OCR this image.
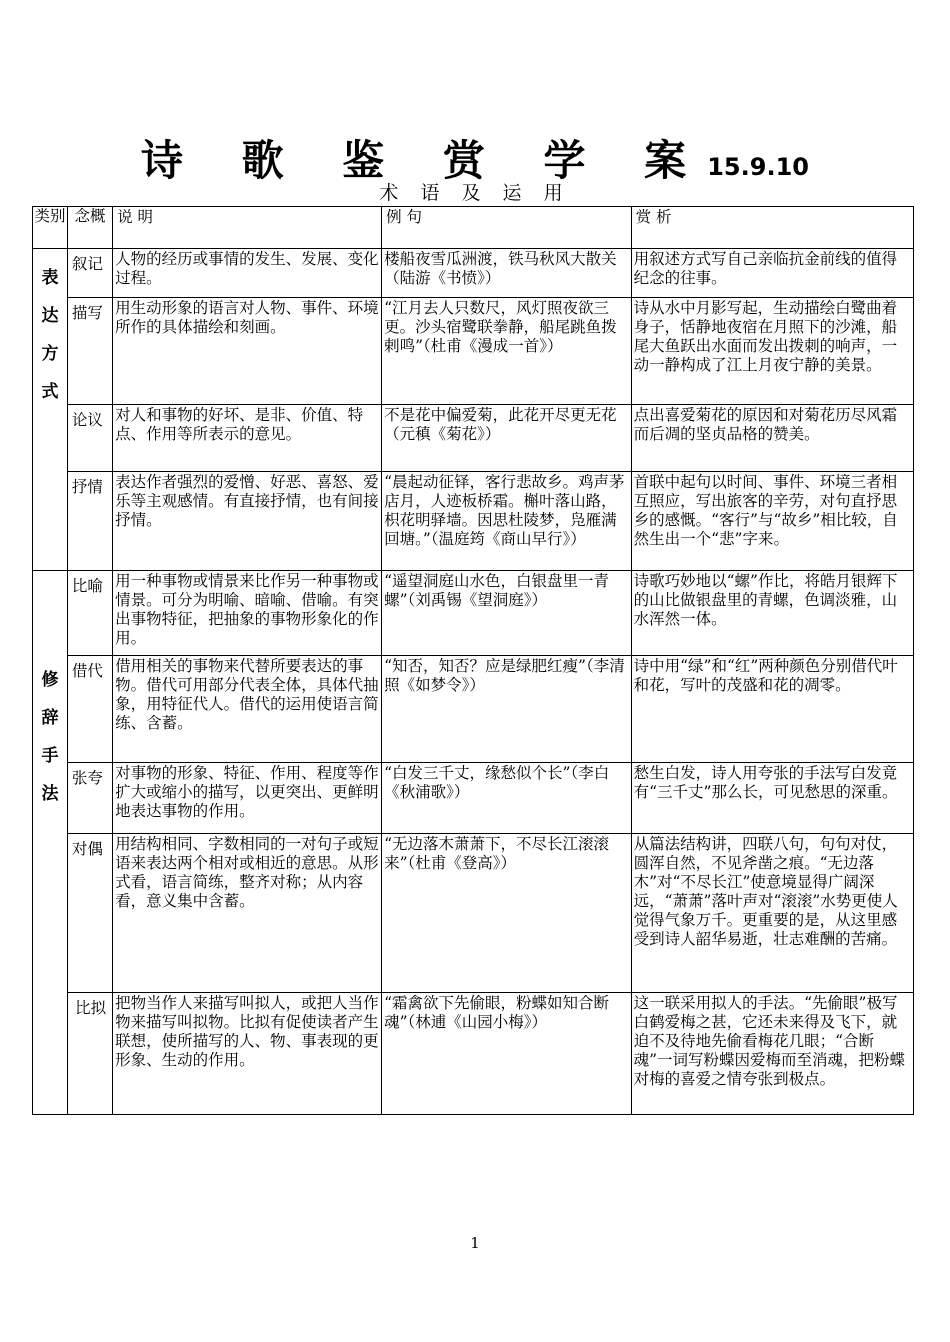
诗 歌 鉴 赏 学 案 15.9.10
术 语 及 运 用
类别	念概	说 明	例 句	赏 析

表
达
方
式	叙记	人物的经历或事情的发生、发展、变化过程。	楼船夜雪瓜洲渡，铁马秋风大散关（陆游《书愤》）	用叙述方式写自己亲临抗金前线的值得纪念的往事。
	描写	用生动形象的语言对人物、事件、环境所作的具体描绘和刻画。	“江月去人只数尺，风灯照夜欲三更。沙头宿鹭联拳静，船尾跳鱼拨剌鸣”（杜甫《漫成一首》）	诗从水中月影写起，生动描绘白鹭曲着身子，恬静地夜宿在月照下的沙滩，船尾大鱼跃出水面而发出拨刺的响声，一动一静构成了江上月夜宁静的美景。
	论议	对人和事物的好坏、是非、价值、特点、作用等所表示的意见。	不是花中偏爱菊，此花开尽更无花（元稹《菊花》）	点出喜爱菊花的原因和对菊花历尽风霜而后凋的坚贞品格的赞美。
	抒情	表达作者强烈的爱憎、好恶、喜怒、爱乐等主观感情。有直接抒情，也有间接抒情。	“晨起动征铎，客行悲故乡。鸡声茅店月，人迹板桥霜。槲叶落山路，枳花明驿墙。因思杜陵梦，凫雁满回塘。”（温庭筠《商山早行》）	首联中起句以时间、事件、环境三者相互照应，写出旅客的辛劳，对句直抒思乡的感慨。“客行”与“故乡”相比较，自然生出一个“悲”字来。

修
辞
手
法	比喻	用一种事物或情景来比作另一种事物或情景。可分为明喻、暗喻、借喻。有突出事物特征，把抽象的事物形象化的作用。	“遥望洞庭山水色，白银盘里一青螺”（刘禹锡《望洞庭》）	诗歌巧妙地以“螺”作比，将皓月银辉下的山比做银盘里的青螺，色调淡雅，山水浑然一体。
	借代	借用相关的事物来代替所要表达的事物。借代可用部分代表全体，具体代抽象，用特征代人。借代的运用使语言简练、含蓄。	“知否，知否？应是绿肥红瘦”（李清照《如梦令》）	诗中用“绿”和“红”两种颜色分别借代叶和花，写叶的茂盛和花的凋零。
	张夸	对事物的形象、特征、作用、程度等作扩大或缩小的描写，以更突出、更鲜明地表达事物的作用。	“白发三千丈，缘愁似个长”（李白《秋浦歌》）	愁生白发，诗人用夸张的手法写白发竟有“三千丈”那么长，可见愁思的深重。
	对偶	用结构相同、字数相同的一对句子或短语来表达两个相对或相近的意思。从形式看，语言简练，整齐对称；从内容看，意义集中含蓄。	“无边落木萧萧下，不尽长江滚滚来”（杜甫《登高》）	从篇法结构讲，四联八句，句句对仗，圆浑自然，不见斧凿之痕。“无边落木”对“不尽长江”使意境显得广阔深远，“萧萧”落叶声对“滚滚”水势更使人觉得气象万千。更重要的是，从这里感受到诗人韶华易逝，壮志难酬的苦痛。
	比拟	把物当作人来描写叫拟人，或把人当作物来描写叫拟物。比拟有促使读者产生联想，使所描写的人、物、事表现的更形象、生动的作用。	“霜禽欲下先偷眼，粉蝶如知合断魂”（林逋《山园小梅》）	这一联采用拟人的手法。“先偷眼”极写白鹤爱梅之甚，它还未来得及飞下，就迫不及待地先偷看梅花几眼；“合断魂”一词写粉蝶因爱梅而至消魂，把粉蝶对梅的喜爱之情夸张到极点。
1
